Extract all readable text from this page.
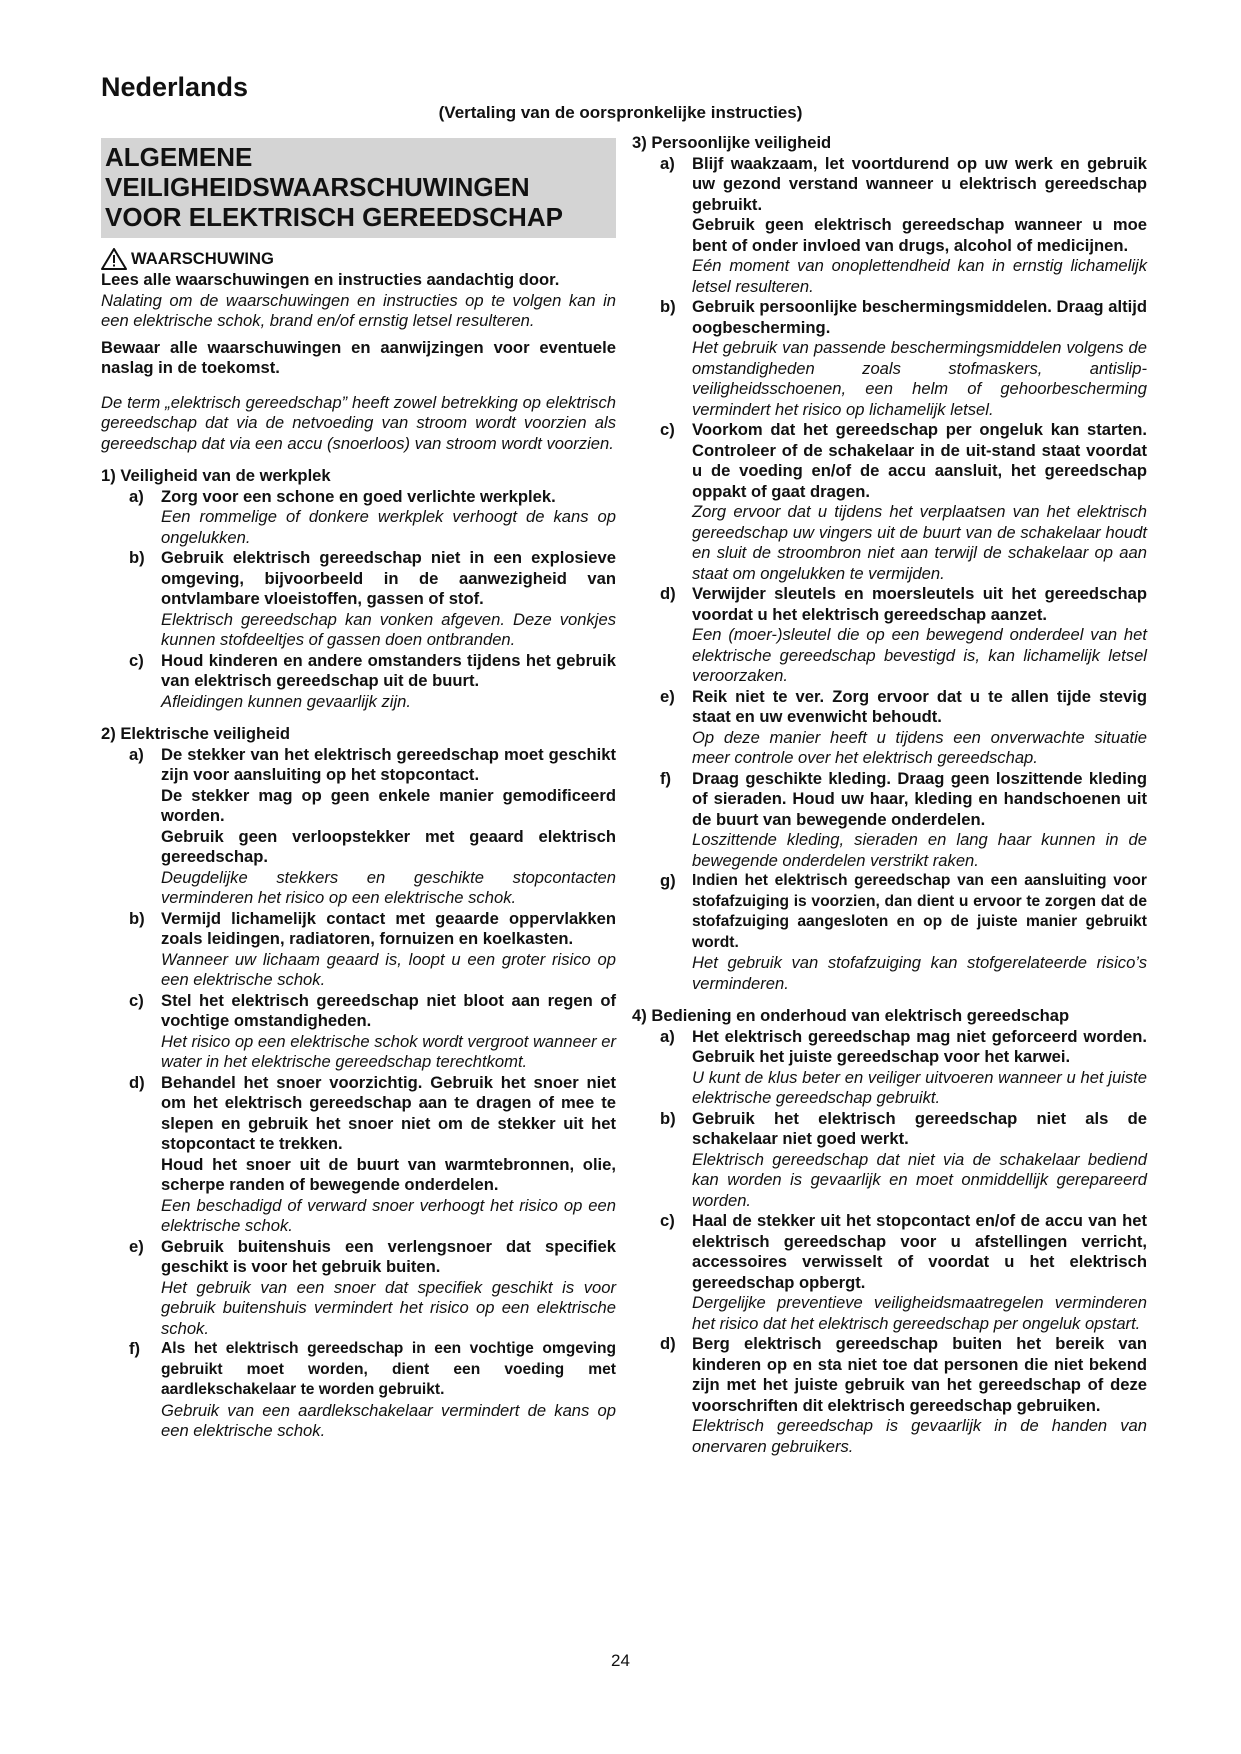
Nederlands
(Vertaling van de oorspronkelijke instructies)
ALGEMENE
VEILIGHEIDSWAARSCHUWINGEN
VOOR ELEKTRISCH GEREEDSCHAP
WAARSCHUWING
Lees alle waarschuwingen en instructies aandachtig door.
Nalating om de waarschuwingen en instructies op te volgen kan in een elektrische schok, brand en/of ernstig letsel resulteren.
Bewaar alle waarschuwingen en aanwijzingen voor eventuele naslag in de toekomst.
De term „elektrisch gereedschap” heeft zowel betrekking op elektrisch gereedschap dat via de netvoeding van stroom wordt voorzien als gereedschap dat via een accu (snoerloos) van stroom wordt voorzien.
1) Veiligheid van de werkplek
a)	Zorg voor een schone en goed verlichte werkplek.
Een rommelige of donkere werkplek verhoogt de kans op ongelukken.
b) Gebruik elektrisch gereedschap niet in een explosieve omgeving, bijvoorbeeld in de aanwezigheid van ontvlambare vloeistoffen, gassen of stof.
Elektrisch gereedschap kan vonken afgeven. Deze vonkjes kunnen stofdeeltjes of gassen doen ontbranden.
c)	Houd kinderen en andere omstanders tijdens het gebruik van elektrisch gereedschap uit de buurt.
Afleidingen kunnen gevaarlijk zijn.
2) Elektrische veiligheid
a)	De stekker van het elektrisch gereedschap moet geschikt zijn voor aansluiting op het stopcontact.
De stekker mag op geen enkele manier gemodificeerd worden.
Gebruik geen verloopstekker met geaard elektrisch gereedschap.
Deugdelijke stekkers en geschikte stopcontacten verminderen het risico op een elektrische schok.
b) Vermijd lichamelijk contact met geaarde oppervlakken zoals leidingen, radiatoren, fornuizen en koelkasten.
Wanneer uw lichaam geaard is, loopt u een groter risico op een elektrische schok.
c)	Stel het elektrisch gereedschap niet bloot aan regen of vochtige omstandigheden.
Het risico op een elektrische schok wordt vergroot wanneer er water in het elektrische gereedschap terechtkomt.
d) Behandel het snoer voorzichtig. Gebruik het snoer niet om het elektrisch gereedschap aan te dragen of mee te slepen en gebruik het snoer niet om de stekker uit het stopcontact te trekken.
Houd het snoer uit de buurt van warmtebronnen, olie, scherpe randen of bewegende onderdelen.
Een beschadigd of verward snoer verhoogt het risico op een elektrische schok.
e)	Gebruik buitenshuis een verlengsnoer dat specifiek geschikt is voor het gebruik buiten.
Het gebruik van een snoer dat specifiek geschikt is voor gebruik buitenshuis vermindert het risico op een elektrische schok.
f)	Als het elektrisch gereedschap in een vochtige omgeving gebruikt moet worden, dient een voeding met aardlekschakelaar te worden gebruikt.
Gebruik van een aardlekschakelaar vermindert de kans op een elektrische schok.
3) Persoonlijke veiligheid
a)	Blijf waakzaam, let voortdurend op uw werk en gebruik uw gezond verstand wanneer u elektrisch gereedschap gebruikt.
Gebruik geen elektrisch gereedschap wanneer u moe bent of onder invloed van drugs, alcohol of medicijnen.
Eén moment van onoplettendheid kan in ernstig lichamelijk letsel resulteren.
b) Gebruik persoonlijke beschermingsmiddelen. Draag altijd oogbescherming.
Het gebruik van passende beschermingsmiddelen volgens de omstandigheden zoals stofmaskers, antislip-veiligheidsschoenen, een helm of gehoorbescherming vermindert het risico op lichamelijk letsel.
c)	Voorkom dat het gereedschap per ongeluk kan starten. Controleer of de schakelaar in de uit-stand staat voordat u de voeding en/of de accu aansluit, het gereedschap oppakt of gaat dragen.
Zorg ervoor dat u tijdens het verplaatsen van het elektrisch gereedschap uw vingers uit de buurt van de schakelaar houdt en sluit de stroombron niet aan terwijl de schakelaar op aan staat om ongelukken te vermijden.
d) Verwijder sleutels en moersleutels uit het gereedschap voordat u het elektrisch gereedschap aanzet.
Een (moer-)sleutel die op een bewegend onderdeel van het elektrische gereedschap bevestigd is, kan lichamelijk letsel veroorzaken.
e)	Reik niet te ver. Zorg ervoor dat u te allen tijde stevig staat en uw evenwicht behoudt.
Op deze manier heeft u tijdens een onverwachte situatie meer controle over het elektrisch gereedschap.
f)	Draag geschikte kleding. Draag geen loszittende kleding of sieraden. Houd uw haar, kleding en handschoenen uit de buurt van bewegende onderdelen.
Loszittende kleding, sieraden en lang haar kunnen in de bewegende onderdelen verstrikt raken.
g)	Indien het elektrisch gereedschap van een aansluiting voor stofafzuiging is voorzien, dan dient u ervoor te zorgen dat de stofafzuiging aangesloten en op de juiste manier gebruikt wordt.
Het gebruik van stofafzuiging kan stofgerelateerde risico’s verminderen.
4) Bediening en onderhoud van elektrisch gereedschap
a)	Het elektrisch gereedschap mag niet geforceerd worden. Gebruik het juiste gereedschap voor het karwei.
U kunt de klus beter en veiliger uitvoeren wanneer u het juiste elektrische gereedschap gebruikt.
b) Gebruik het elektrisch gereedschap niet als de schakelaar niet goed werkt.
Elektrisch gereedschap dat niet via de schakelaar bediend kan worden is gevaarlijk en moet onmiddellijk gerepareerd worden.
c)	Haal de stekker uit het stopcontact en/of de accu van het elektrisch gereedschap voor u afstellingen verricht, accessoires verwisselt of voordat u het elektrisch gereedschap opbergt.
Dergelijke preventieve veiligheidsmaatregelen verminderen het risico dat het elektrisch gereedschap per ongeluk opstart.
d) Berg elektrisch gereedschap buiten het bereik van kinderen op en sta niet toe dat personen die niet bekend zijn met het juiste gebruik van het gereedschap of deze voorschriften dit elektrisch gereedschap gebruiken.
Elektrisch gereedschap is gevaarlijk in de handen van onervaren gebruikers.
24
